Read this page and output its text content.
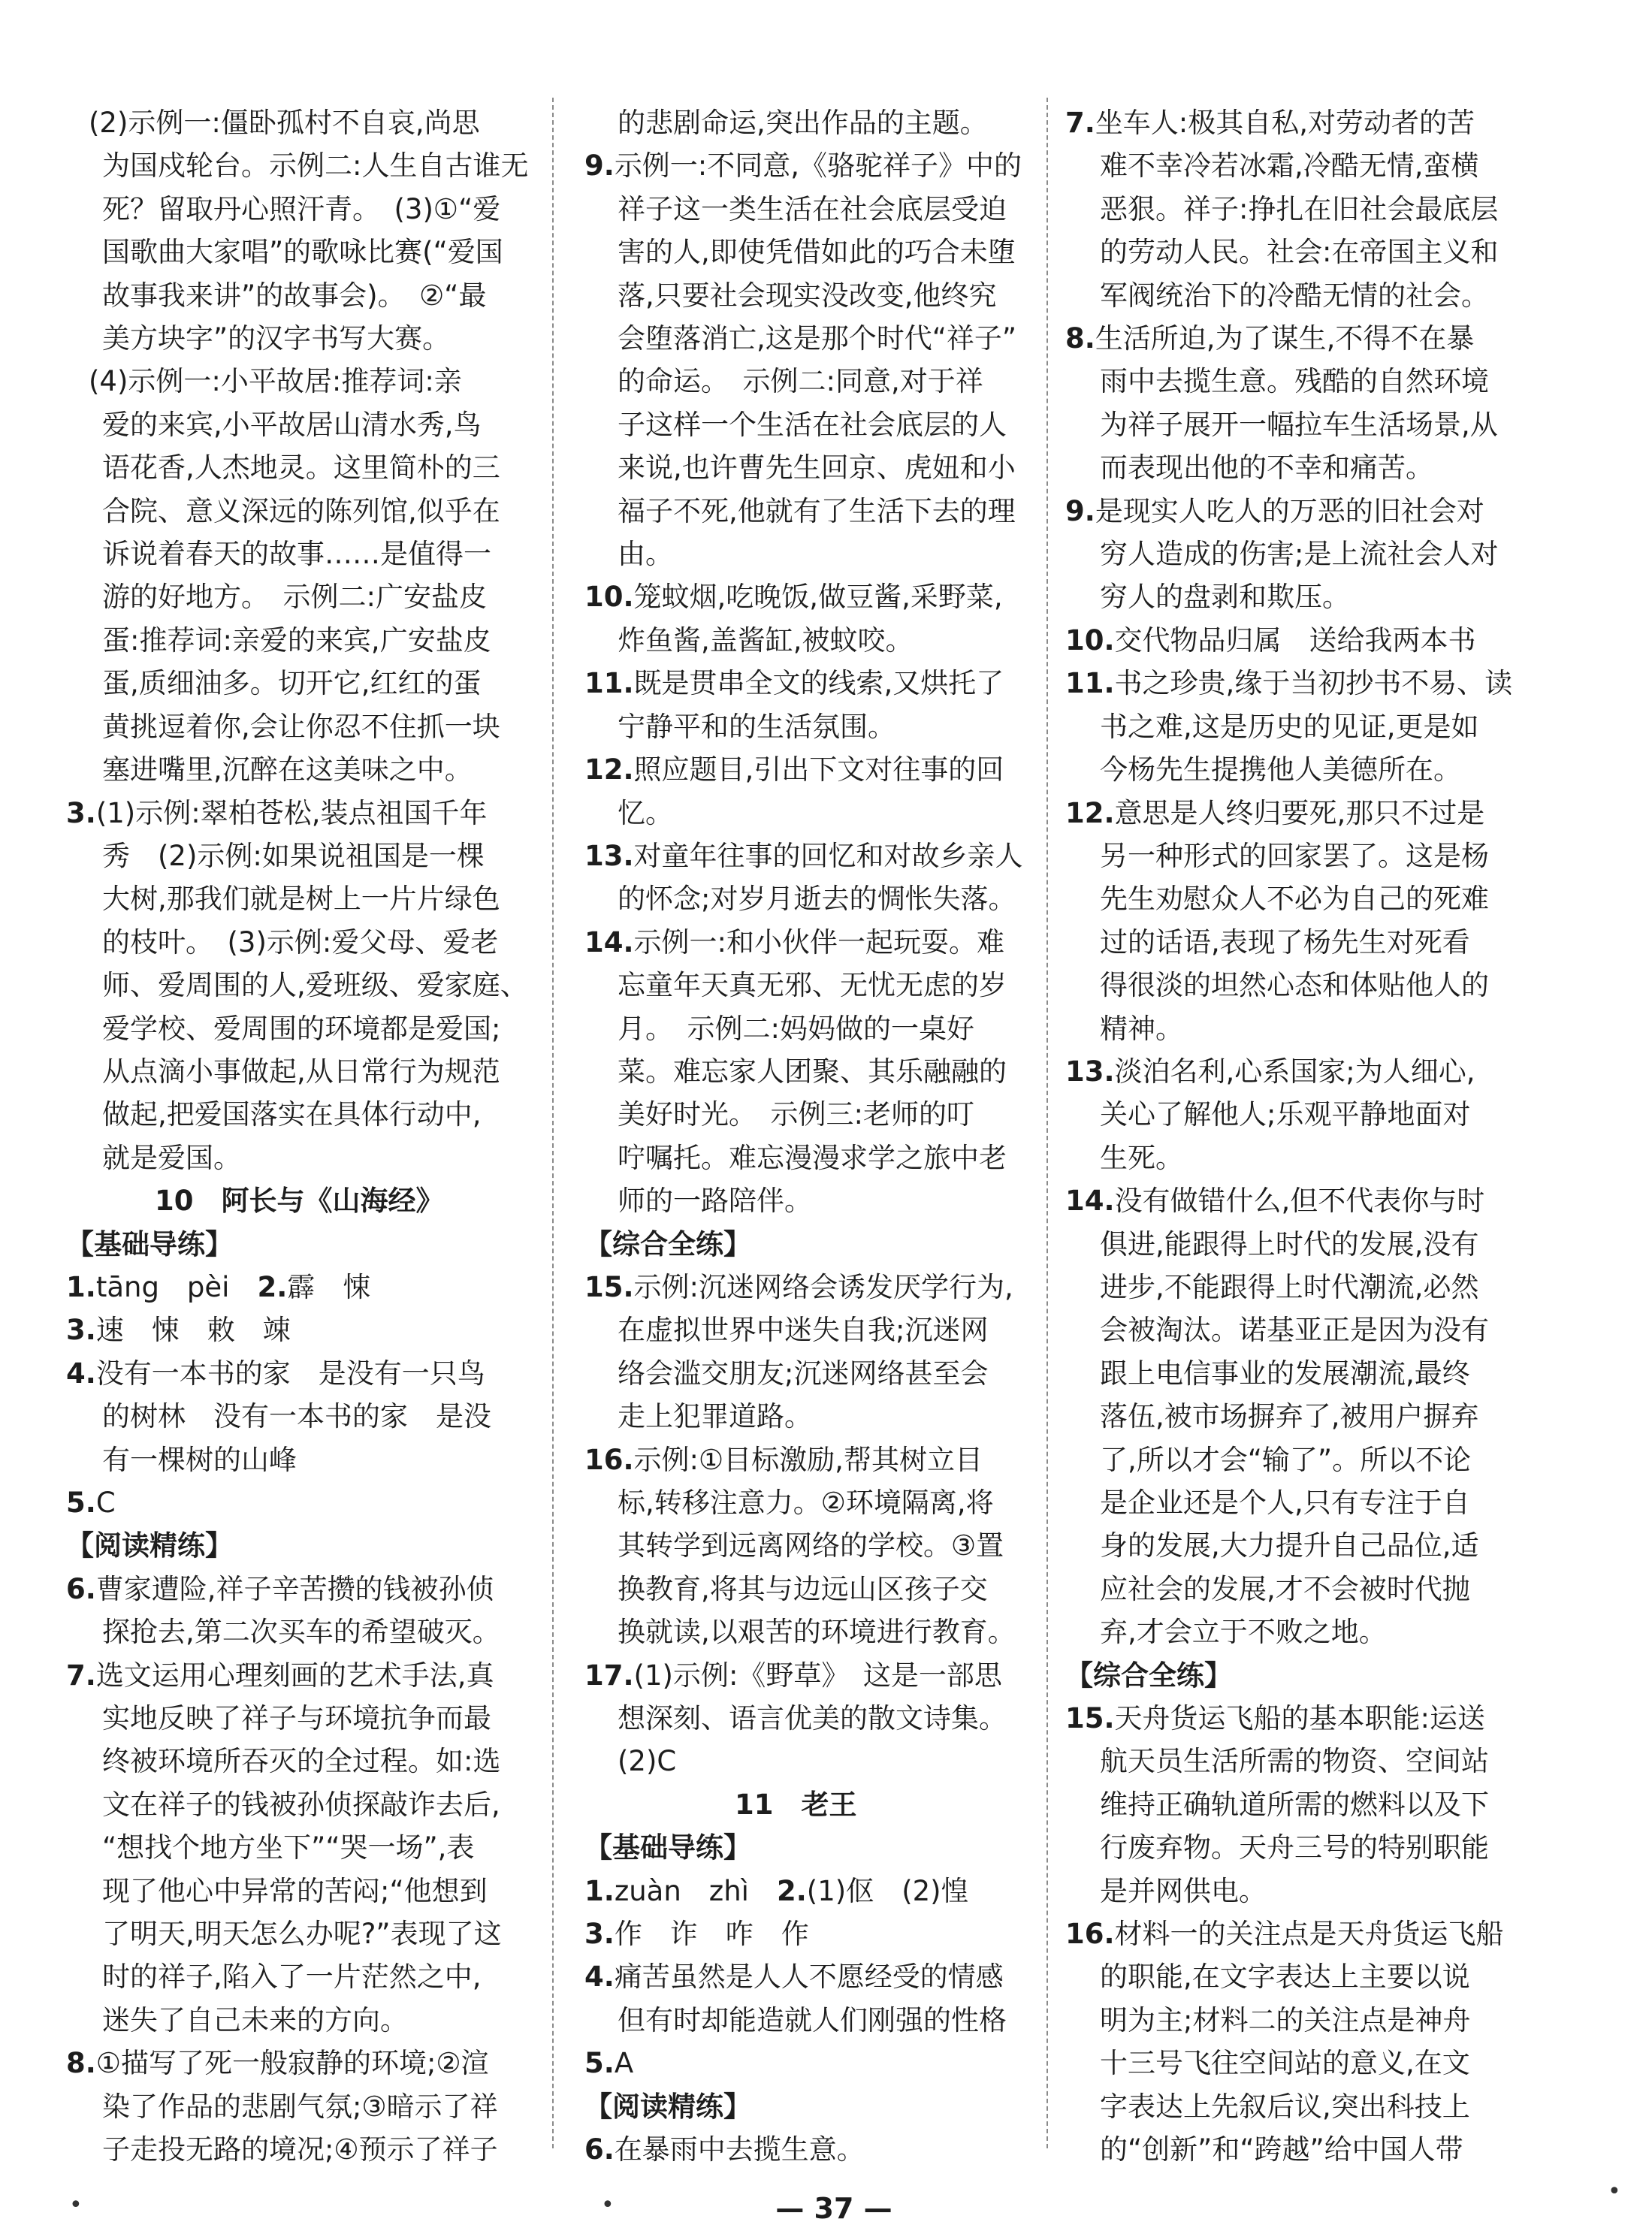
(2)示例一:僵卧孤村不自哀,尚思
为国戍轮台。示例二:人生自古谁无
死？留取丹心照汗青。　(3)①“爱
国歌曲大家唱”的歌咏比赛(“爱国
故事我来讲”的故事会)。　②“最
美方块字”的汉字书写大赛。
(4)示例一:小平故居:推荐词:亲
爱的来宾,小平故居山清水秀,鸟
语花香,人杰地灵。这里简朴的三
合院、意义深远的陈列馆,似乎在
诉说着春天的故事……是值得一
游的好地方。　示例二:广安盐皮
蛋:推荐词:亲爱的来宾,广安盐皮
蛋,质细油多。切开它,红红的蛋
黄挑逗着你,会让你忍不住抓一块
塞进嘴里,沉醉在这美味之中。
3.(1)示例:翠柏苍松,装点祖国千年
秀　(2)示例:如果说祖国是一棵
大树,那我们就是树上一片片绿色
的枝叶。　(3)示例:爱父母、爱老
师、爱周围的人,爱班级、爱家庭、
爱学校、爱周围的环境都是爱国;
从点滴小事做起,从日常行为规范
做起,把爱国落实在具体行动中,
就是爱国。
10　阿长与《山海经》
【基础导练】
1.tāng　pèi　2.霹　悚
3.速　悚　敕　竦
4.没有一本书的家　是没有一只鸟
的树林　没有一本书的家　是没
有一棵树的山峰
5.C
【阅读精练】
6.曹家遭险,祥子辛苦攒的钱被孙侦
探抢去,第二次买车的希望破灭。
7.选文运用心理刻画的艺术手法,真
实地反映了祥子与环境抗争而最
终被环境所吞灭的全过程。如:选
文在祥子的钱被孙侦探敲诈去后,
“想找个地方坐下”“哭一场”,表
现了他心中异常的苦闷;“他想到
了明天,明天怎么办呢?”表现了这
时的祥子,陷入了一片茫然之中,
迷失了自己未来的方向。
8.①描写了死一般寂静的环境;②渲
染了作品的悲剧气氛;③暗示了祥
子走投无路的境况;④预示了祥子
的悲剧命运,突出作品的主题。
9.示例一:不同意,《骆驼祥子》中的
祥子这一类生活在社会底层受迫
害的人,即使凭借如此的巧合未堕
落,只要社会现实没改变,他终究
会堕落消亡,这是那个时代“祥子”
的命运。　示例二:同意,对于祥
子这样一个生活在社会底层的人
来说,也许曹先生回京、虎妞和小
福子不死,他就有了生活下去的理
由。
10.笼蚊烟,吃晚饭,做豆酱,采野菜,
炸鱼酱,盖酱缸,被蚊咬。
11.既是贯串全文的线索,又烘托了
宁静平和的生活氛围。
12.照应题目,引出下文对往事的回
忆。
13.对童年往事的回忆和对故乡亲人
的怀念;对岁月逝去的惆怅失落。
14.示例一:和小伙伴一起玩耍。难
忘童年天真无邪、无忧无虑的岁
月。　示例二:妈妈做的一桌好
菜。难忘家人团聚、其乐融融的
美好时光。　示例三:老师的叮
咛嘱托。难忘漫漫求学之旅中老
师的一路陪伴。
【综合全练】
15.示例:沉迷网络会诱发厌学行为,
在虚拟世界中迷失自我;沉迷网
络会滥交朋友;沉迷网络甚至会
走上犯罪道路。
16.示例:①目标激励,帮其树立目
标,转移注意力。②环境隔离,将
其转学到远离网络的学校。③置
换教育,将其与边远山区孩子交
换就读,以艰苦的环境进行教育。
17.(1)示例:《野草》　这是一部思
想深刻、语言优美的散文诗集。
(2)C
11　老王
【基础导练】
1.zuàn　zhì　2.(1)伛　(2)惶
3.作　诈　咋　作
4.痛苦虽然是人人不愿经受的情感
但有时却能造就人们刚强的性格
5.A
【阅读精练】
6.在暴雨中去揽生意。
7.坐车人:极其自私,对劳动者的苦
难不幸冷若冰霜,冷酷无情,蛮横
恶狠。祥子:挣扎在旧社会最底层
的劳动人民。社会:在帝国主义和
军阀统治下的冷酷无情的社会。
8.生活所迫,为了谋生,不得不在暴
雨中去揽生意。残酷的自然环境
为祥子展开一幅拉车生活场景,从
而表现出他的不幸和痛苦。
9.是现实人吃人的万恶的旧社会对
穷人造成的伤害;是上流社会人对
穷人的盘剥和欺压。
10.交代物品归属　送给我两本书
11.书之珍贵,缘于当初抄书不易、读
书之难,这是历史的见证,更是如
今杨先生提携他人美德所在。
12.意思是人终归要死,那只不过是
另一种形式的回家罢了。这是杨
先生劝慰众人不必为自己的死难
过的话语,表现了杨先生对死看
得很淡的坦然心态和体贴他人的
精神。
13.淡泊名利,心系国家;为人细心,
关心了解他人;乐观平静地面对
生死。
14.没有做错什么,但不代表你与时
俱进,能跟得上时代的发展,没有
进步,不能跟得上时代潮流,必然
会被淘汰。诺基亚正是因为没有
跟上电信事业的发展潮流,最终
落伍,被市场摒弃了,被用户摒弃
了,所以才会“输了”。所以不论
是企业还是个人,只有专注于自
身的发展,大力提升自己品位,适
应社会的发展,才不会被时代抛
弃,才会立于不败之地。
【综合全练】
15.天舟货运飞船的基本职能:运送
航天员生活所需的物资、空间站
维持正确轨道所需的燃料以及下
行废弃物。天舟三号的特别职能
是并网供电。
16.材料一的关注点是天舟货运飞船
的职能,在文字表达上主要以说
明为主;材料二的关注点是神舟
十三号飞往空间站的意义,在文
字表达上先叙后议,突出科技上
的“创新”和“跨越”给中国人带
— 37 —
•	•
•
